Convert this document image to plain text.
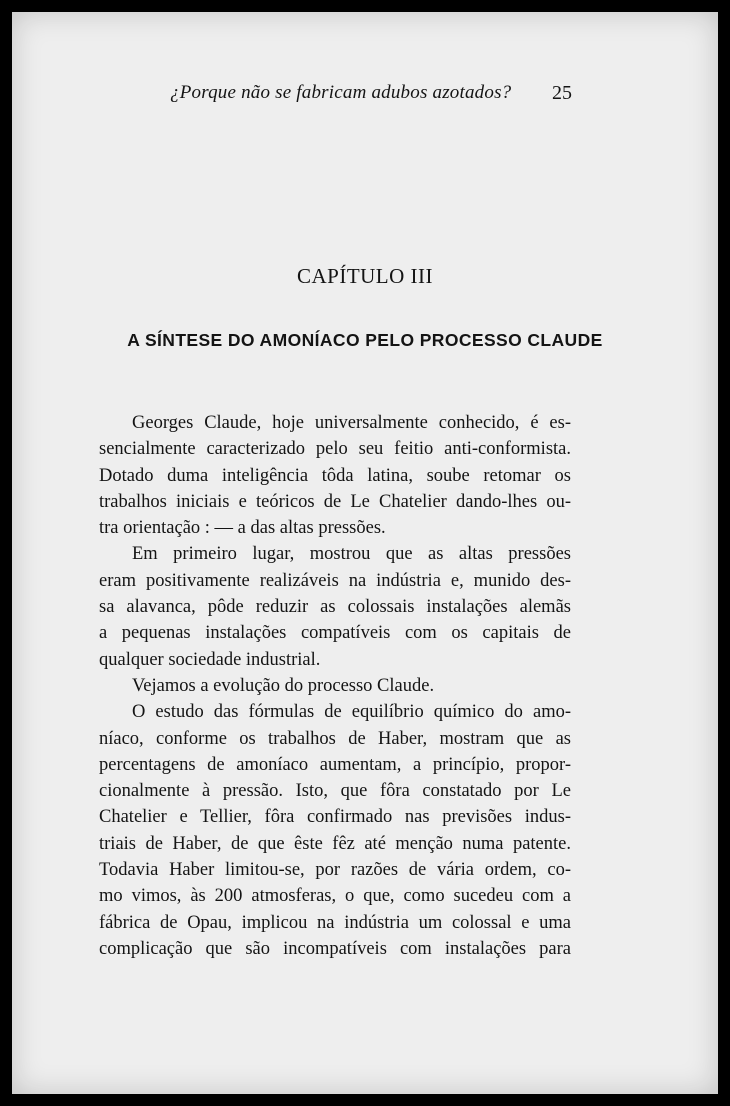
¿Porque não se fabricam adubos azotados? 25
CAPÍTULO III
A SÍNTESE DO AMONÍACO PELO PROCESSO CLAUDE
Georges Claude, hoje universalmente conhecido, é es-
sencialmente caracterizado pelo seu feitio anti-conformista.
Dotado duma inteligência tôda latina, soube retomar os
trabalhos iniciais e teóricos de Le Chatelier dando-lhes ou-
tra orientação : — a das altas pressões.
Em primeiro lugar, mostrou que as altas pressões
eram positivamente realizáveis na indústria e, munido des-
sa alavanca, pôde reduzir as colossais instalações alemãs
a pequenas instalações compatíveis com os capitais de
qualquer sociedade industrial.
Vejamos a evolução do processo Claude.
O estudo das fórmulas de equilíbrio químico do amo-
níaco, conforme os trabalhos de Haber, mostram que as
percentagens de amoníaco aumentam, a princípio, propor-
cionalmente à pressão. Isto, que fôra constatado por Le
Chatelier e Tellier, fôra confirmado nas previsões indus-
triais de Haber, de que êste fêz até menção numa patente.
Todavia Haber limitou-se, por razões de vária ordem, co-
mo vimos, às 200 atmosferas, o que, como sucedeu com a
fábrica de Opau, implicou na indústria um colossal e uma
complicação que são incompatíveis com instalações para
